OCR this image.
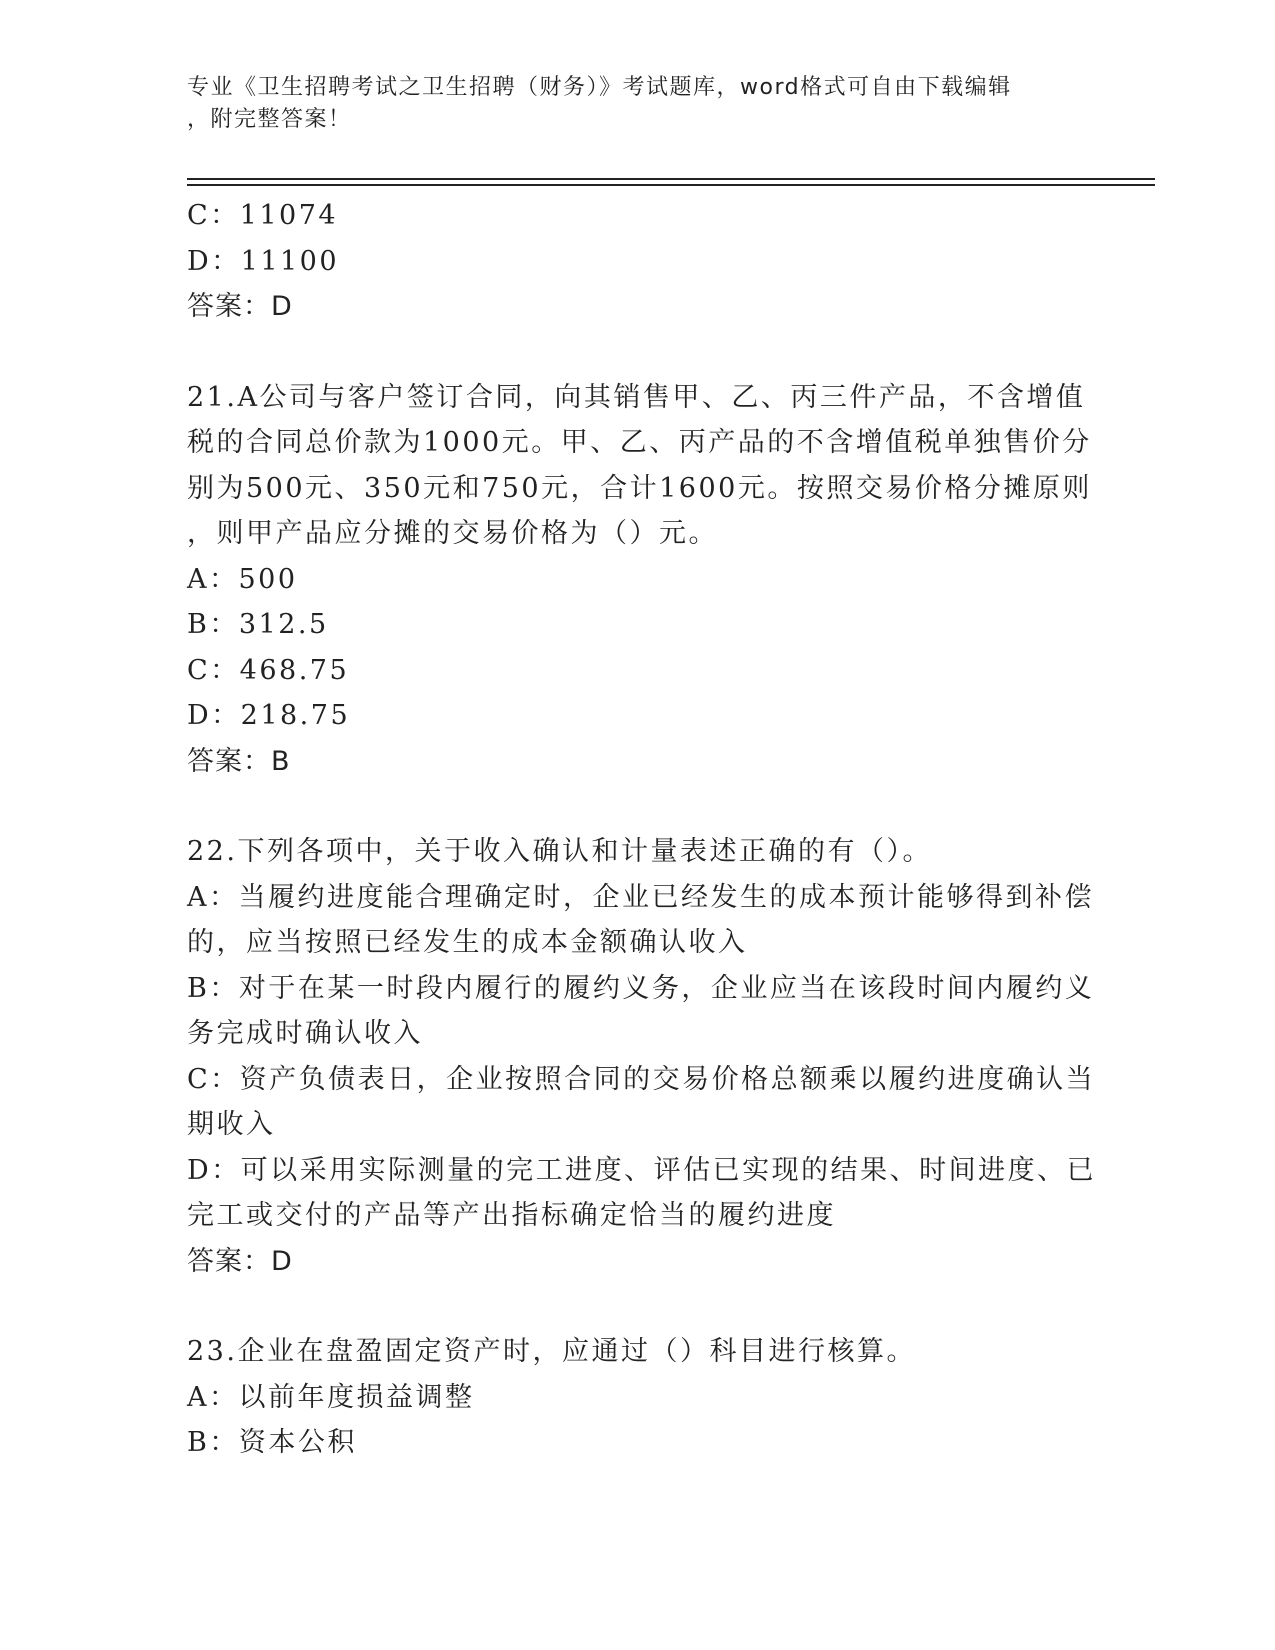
专业《卫生招聘考试之卫生招聘（财务）》考试题库，word格式可自由下载编辑
，附完整答案！

C：11074

D：11100

答案：D

21.A公司与客户签订合同，向其销售甲、乙、丙三件产品，不含增值

税的合同总价款为1000元。甲、乙、丙产品的不含增值税单独售价分

别为500元、350元和750元，合计1600元。按照交易价格分摊原则

，则甲产品应分摊的交易价格为（）元。

A：500

B：312.5

C：468.75

D：218.75

答案：B

22.下列各项中，关于收入确认和计量表述正确的有（）。

A：当履约进度能合理确定时，企业已经发生的成本预计能够得到补偿

的，应当按照已经发生的成本金额确认收入

B：对于在某一时段内履行的履约义务，企业应当在该段时间内履约义

务完成时确认收入

C：资产负债表日，企业按照合同的交易价格总额乘以履约进度确认当

期收入

D：可以采用实际测量的完工进度、评估已实现的结果、时间进度、已

完工或交付的产品等产出指标确定恰当的履约进度

答案：D

23.企业在盘盈固定资产时，应通过（）科目进行核算。

A：以前年度损益调整

B：资本公积
